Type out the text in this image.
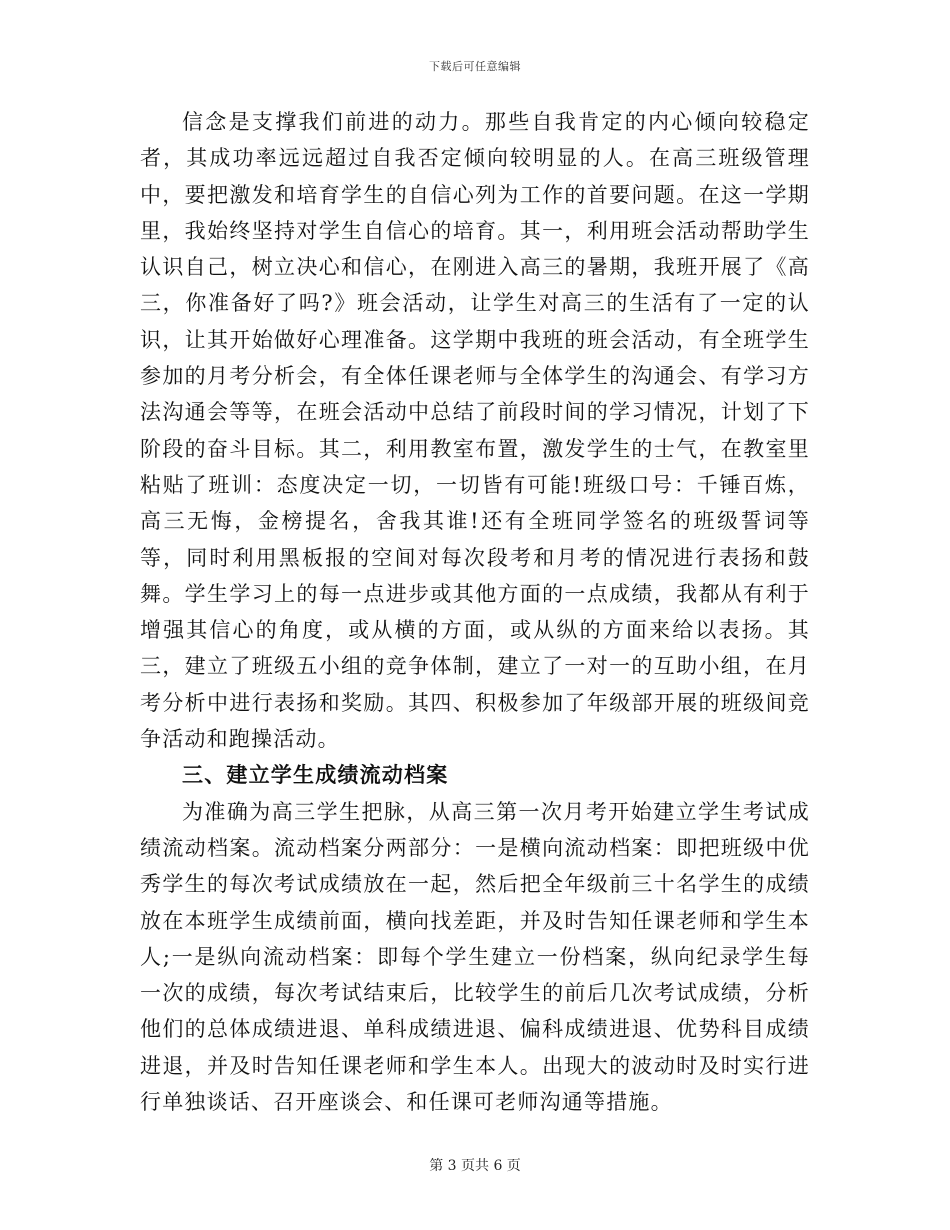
下载后可任意编辑

信念是支撑我们前进的动力。那些自我肯定的内心倾向较稳定者，其成功率远远超过自我否定倾向较明显的人。在高三班级管理中，要把激发和培育学生的自信心列为工作的首要问题。在这一学期里，我始终坚持对学生自信心的培育。其一，利用班会活动帮助学生认识自己，树立决心和信心，在刚进入高三的暑期，我班开展了《高三，你准备好了吗?》班会活动，让学生对高三的生活有了一定的认识，让其开始做好心理准备。这学期中我班的班会活动，有全班学生参加的月考分析会，有全体任课老师与全体学生的沟通会、有学习方法沟通会等等，在班会活动中总结了前段时间的学习情况，计划了下阶段的奋斗目标。其二，利用教室布置，激发学生的士气，在教室里粘贴了班训：态度决定一切，一切皆有可能!班级口号：千锤百炼，高三无悔，金榜提名，舍我其谁!还有全班同学签名的班级誓词等等，同时利用黑板报的空间对每次段考和月考的情况进行表扬和鼓舞。学生学习上的每一点进步或其他方面的一点成绩，我都从有利于增强其信心的角度，或从横的方面，或从纵的方面来给以表扬。其三，建立了班级五小组的竞争体制，建立了一对一的互助小组，在月考分析中进行表扬和奖励。其四、积极参加了年级部开展的班级间竞争活动和跑操活动。

三、建立学生成绩流动档案

为准确为高三学生把脉，从高三第一次月考开始建立学生考试成绩流动档案。流动档案分两部分：一是横向流动档案：即把班级中优秀学生的每次考试成绩放在一起，然后把全年级前三十名学生的成绩放在本班学生成绩前面，横向找差距，并及时告知任课老师和学生本人;一是纵向流动档案：即每个学生建立一份档案，纵向纪录学生每一次的成绩，每次考试结束后，比较学生的前后几次考试成绩，分析他们的总体成绩进退、单科成绩进退、偏科成绩进退、优势科目成绩进退，并及时告知任课老师和学生本人。出现大的波动时及时实行进行单独谈话、召开座谈会、和任课可老师沟通等措施。

第 3 页共 6 页
